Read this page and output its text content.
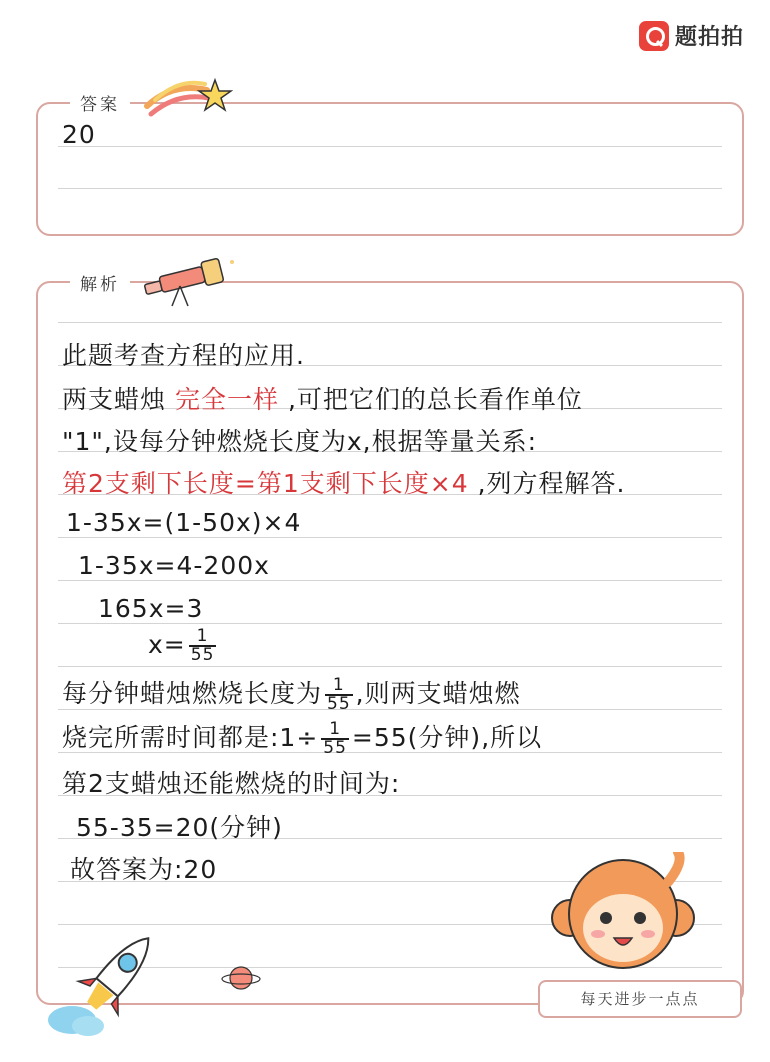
题拍拍
答案
20
解析
此题考查方程的应用.
两支蜡烛 完全一样 ,可把它们的总长看作单位
"1",设每分钟燃烧长度为x,根据等量关系:
第2支剩下长度=第1支剩下长度×4 ,列方程解答.
1-35x=(1-50x)×4
1-35x=4-200x
165x=3
$x= \frac{1}{55}$
每分钟蜡烛燃烧长度为 $\frac{1}{55}$ ,则两支蜡烛燃
烧完所需时间都是:1÷ $\frac{1}{55} =55$(分钟),所以
第2支蜡烛还能燃烧的时间为:
55-35=20(分钟)
故答案为:20
每天进步一点点
